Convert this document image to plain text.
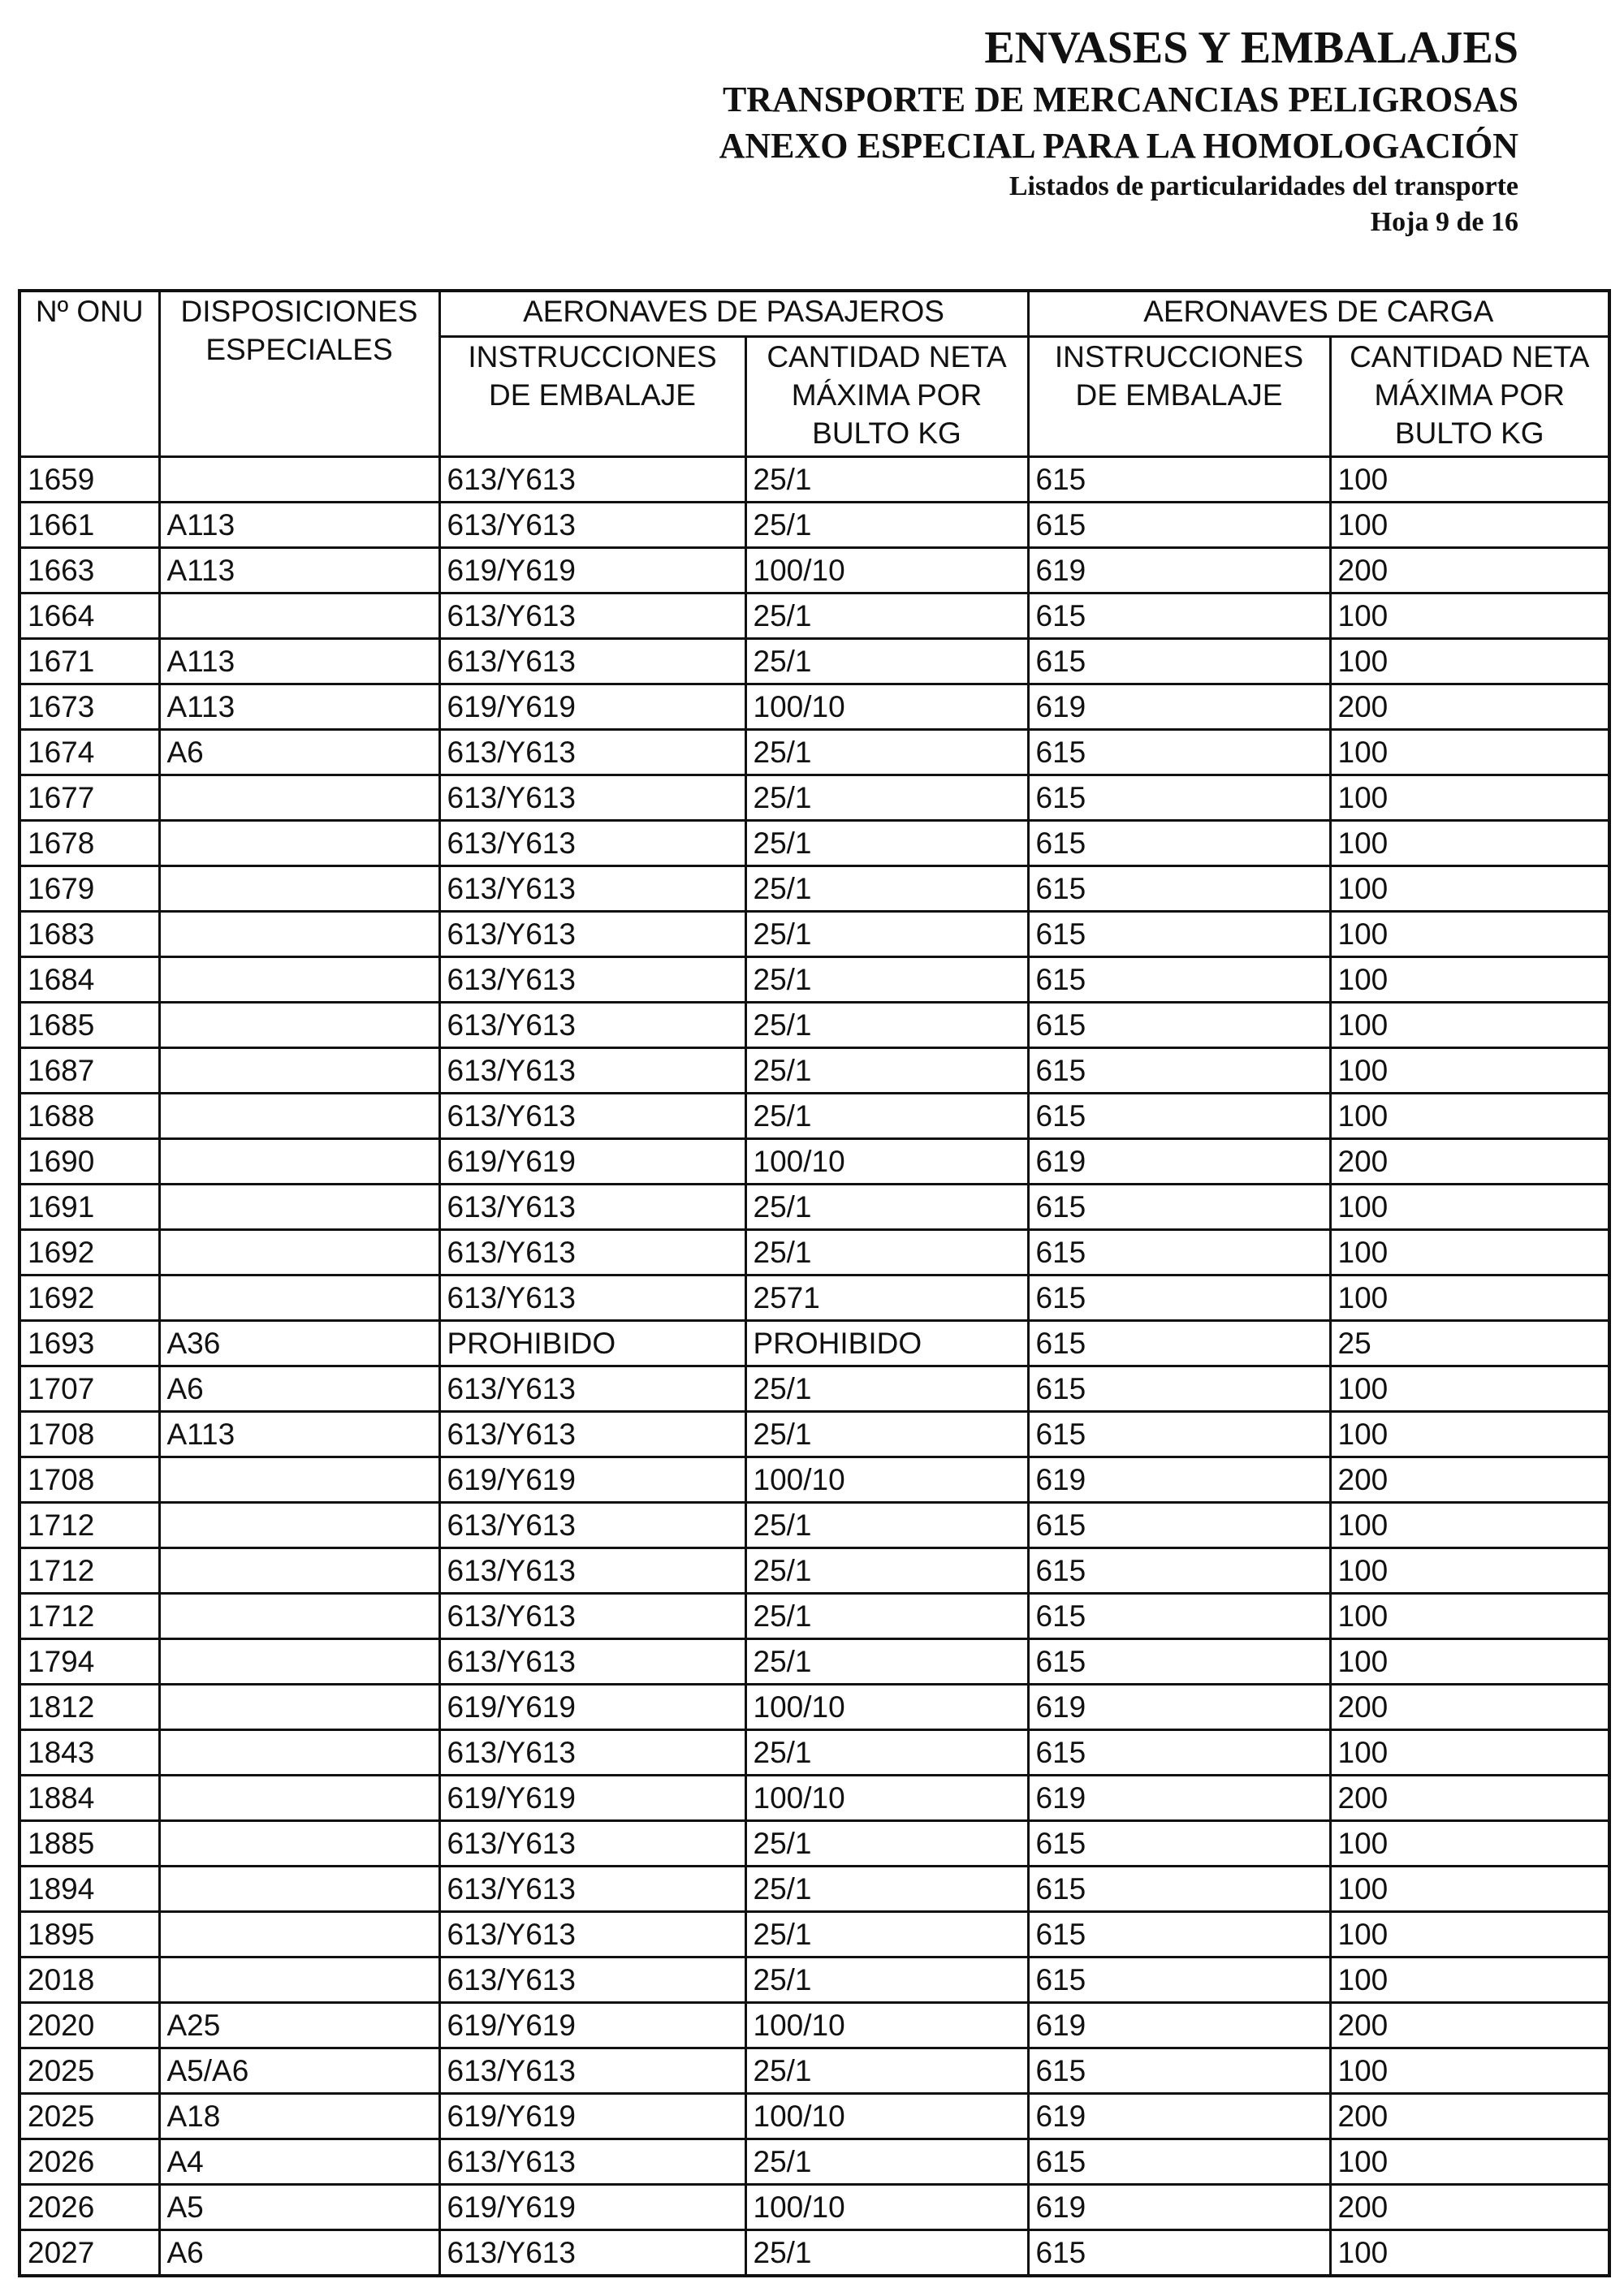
ENVASES Y EMBALAJES
TRANSPORTE DE MERCANCIAS PELIGROSAS
ANEXO ESPECIAL PARA LA HOMOLOGACIÓN
Listados de particularidades del transporte
Hoja 9 de 16
Nº ONU	DISPOSICIONES ESPECIALES	AERONAVES DE PASAJEROS		AERONAVES DE CARGA	
		INSTRUCCIONES DE EMBALAJE	CANTIDAD NETA MÁXIMA POR BULTO KG	INSTRUCCIONES DE EMBALAJE	CANTIDAD NETA MÁXIMA POR BULTO KG
1659		613/Y613	25/1	615	100
1661	A113	613/Y613	25/1	615	100
1663	A113	619/Y619	100/10	619	200
1664		613/Y613	25/1	615	100
1671	A113	613/Y613	25/1	615	100
1673	A113	619/Y619	100/10	619	200
1674	A6	613/Y613	25/1	615	100
1677		613/Y613	25/1	615	100
1678		613/Y613	25/1	615	100
1679		613/Y613	25/1	615	100
1683		613/Y613	25/1	615	100
1684		613/Y613	25/1	615	100
1685		613/Y613	25/1	615	100
1687		613/Y613	25/1	615	100
1688		613/Y613	25/1	615	100
1690		619/Y619	100/10	619	200
1691		613/Y613	25/1	615	100
1692		613/Y613	25/1	615	100
1692		613/Y613	2571	615	100
1693	A36	PROHIBIDO	PROHIBIDO	615	25
1707	A6	613/Y613	25/1	615	100
1708	A113	613/Y613	25/1	615	100
1708		619/Y619	100/10	619	200
1712		613/Y613	25/1	615	100
1712		613/Y613	25/1	615	100
1712		613/Y613	25/1	615	100
1794		613/Y613	25/1	615	100
1812		619/Y619	100/10	619	200
1843		613/Y613	25/1	615	100
1884		619/Y619	100/10	619	200
1885		613/Y613	25/1	615	100
1894		613/Y613	25/1	615	100
1895		613/Y613	25/1	615	100
2018		613/Y613	25/1	615	100
2020	A25	619/Y619	100/10	619	200
2025	A5/A6	613/Y613	25/1	615	100
2025	A18	619/Y619	100/10	619	200
2026	A4	613/Y613	25/1	615	100
2026	A5	619/Y619	100/10	619	200
2027	A6	613/Y613	25/1	615	100
